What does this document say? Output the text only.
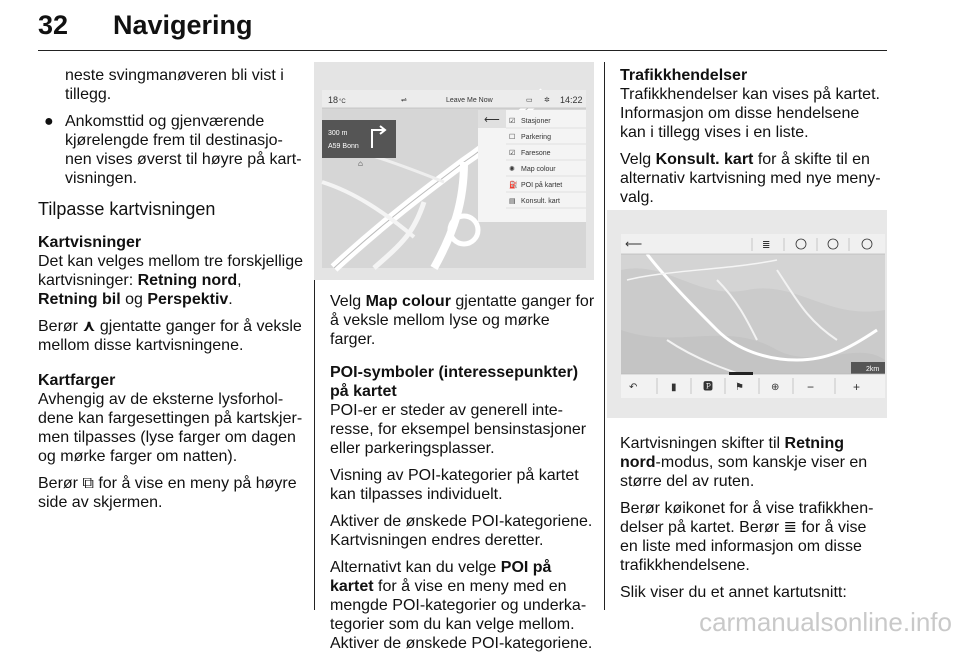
32 Navigering

neste svingmanøveren bli vist i tillegg.

● Ankomsttid og gjenværende kjørelengde frem til destinasjo-nen vises øverst til høyre på kart-visningen.
Tilpasse kartvisningen
Kartvisninger

Det kan velges mellom tre forskjellige kartvisninger: Retning nord, Retning bil og Perspektiv.

Berør ⋏ gjentatte ganger for å veksle mellom disse kartvisningene.

Kartfarger

Avhengig av de eksterne lysforhol-dene kan fargesettingen på kartskjer-men tilpasses (lyse farger om dagen og mørke farger om natten).

Berør ⧉ for å vise en meny på høyre side av skjermen.

18 °C	⇌	Leave Me Now	▭ ✲ 14:22
300 m
A59 Bonn
⌂
⟵ ☑ Stasjoner
☐ Parkering
☑ Faresone
✺ Map colour
⛽ POI på kartet
▤ Konsult. kart

Velg Map colour gjentatte ganger for å veksle mellom lyse og mørke farger.

POI-symboler (interessepunkter) på kartet

POI-er er steder av generell inte-resse, for eksempel bensinstasjoner eller parkeringsplasser.

Visning av POI-kategorier på kartet kan tilpasses individuelt.

Aktiver de ønskede POI-kategoriene. Kartvisningen endres deretter.

Alternativt kan du velge POI på kartet for å vise en meny med en mengde POI-kategorier og underka-tegorier som du kan velge mellom. Aktiver de ønskede POI-kategoriene.

Trafikkhendelser

Trafikkhendelser kan vises på kartet. Informasjon om disse hendelsene kan i tillegg vises i en liste.

Velg Konsult. kart for å skifte til en alternativ kartvisning med nye meny-valg.

⟵	≣
2km
↶	▮	🅿 ⚑	⊕ −	+

Kartvisningen skifter til Retning nord-modus, som kanskje viser en større del av ruten.

Berør køikonet for å vise trafikkhen-delser på kartet. Berør ≣ for å vise en liste med informasjon om disse trafikkhendelsene.

Slik viser du et annet kartutsnitt:

carmanualsonline.info
